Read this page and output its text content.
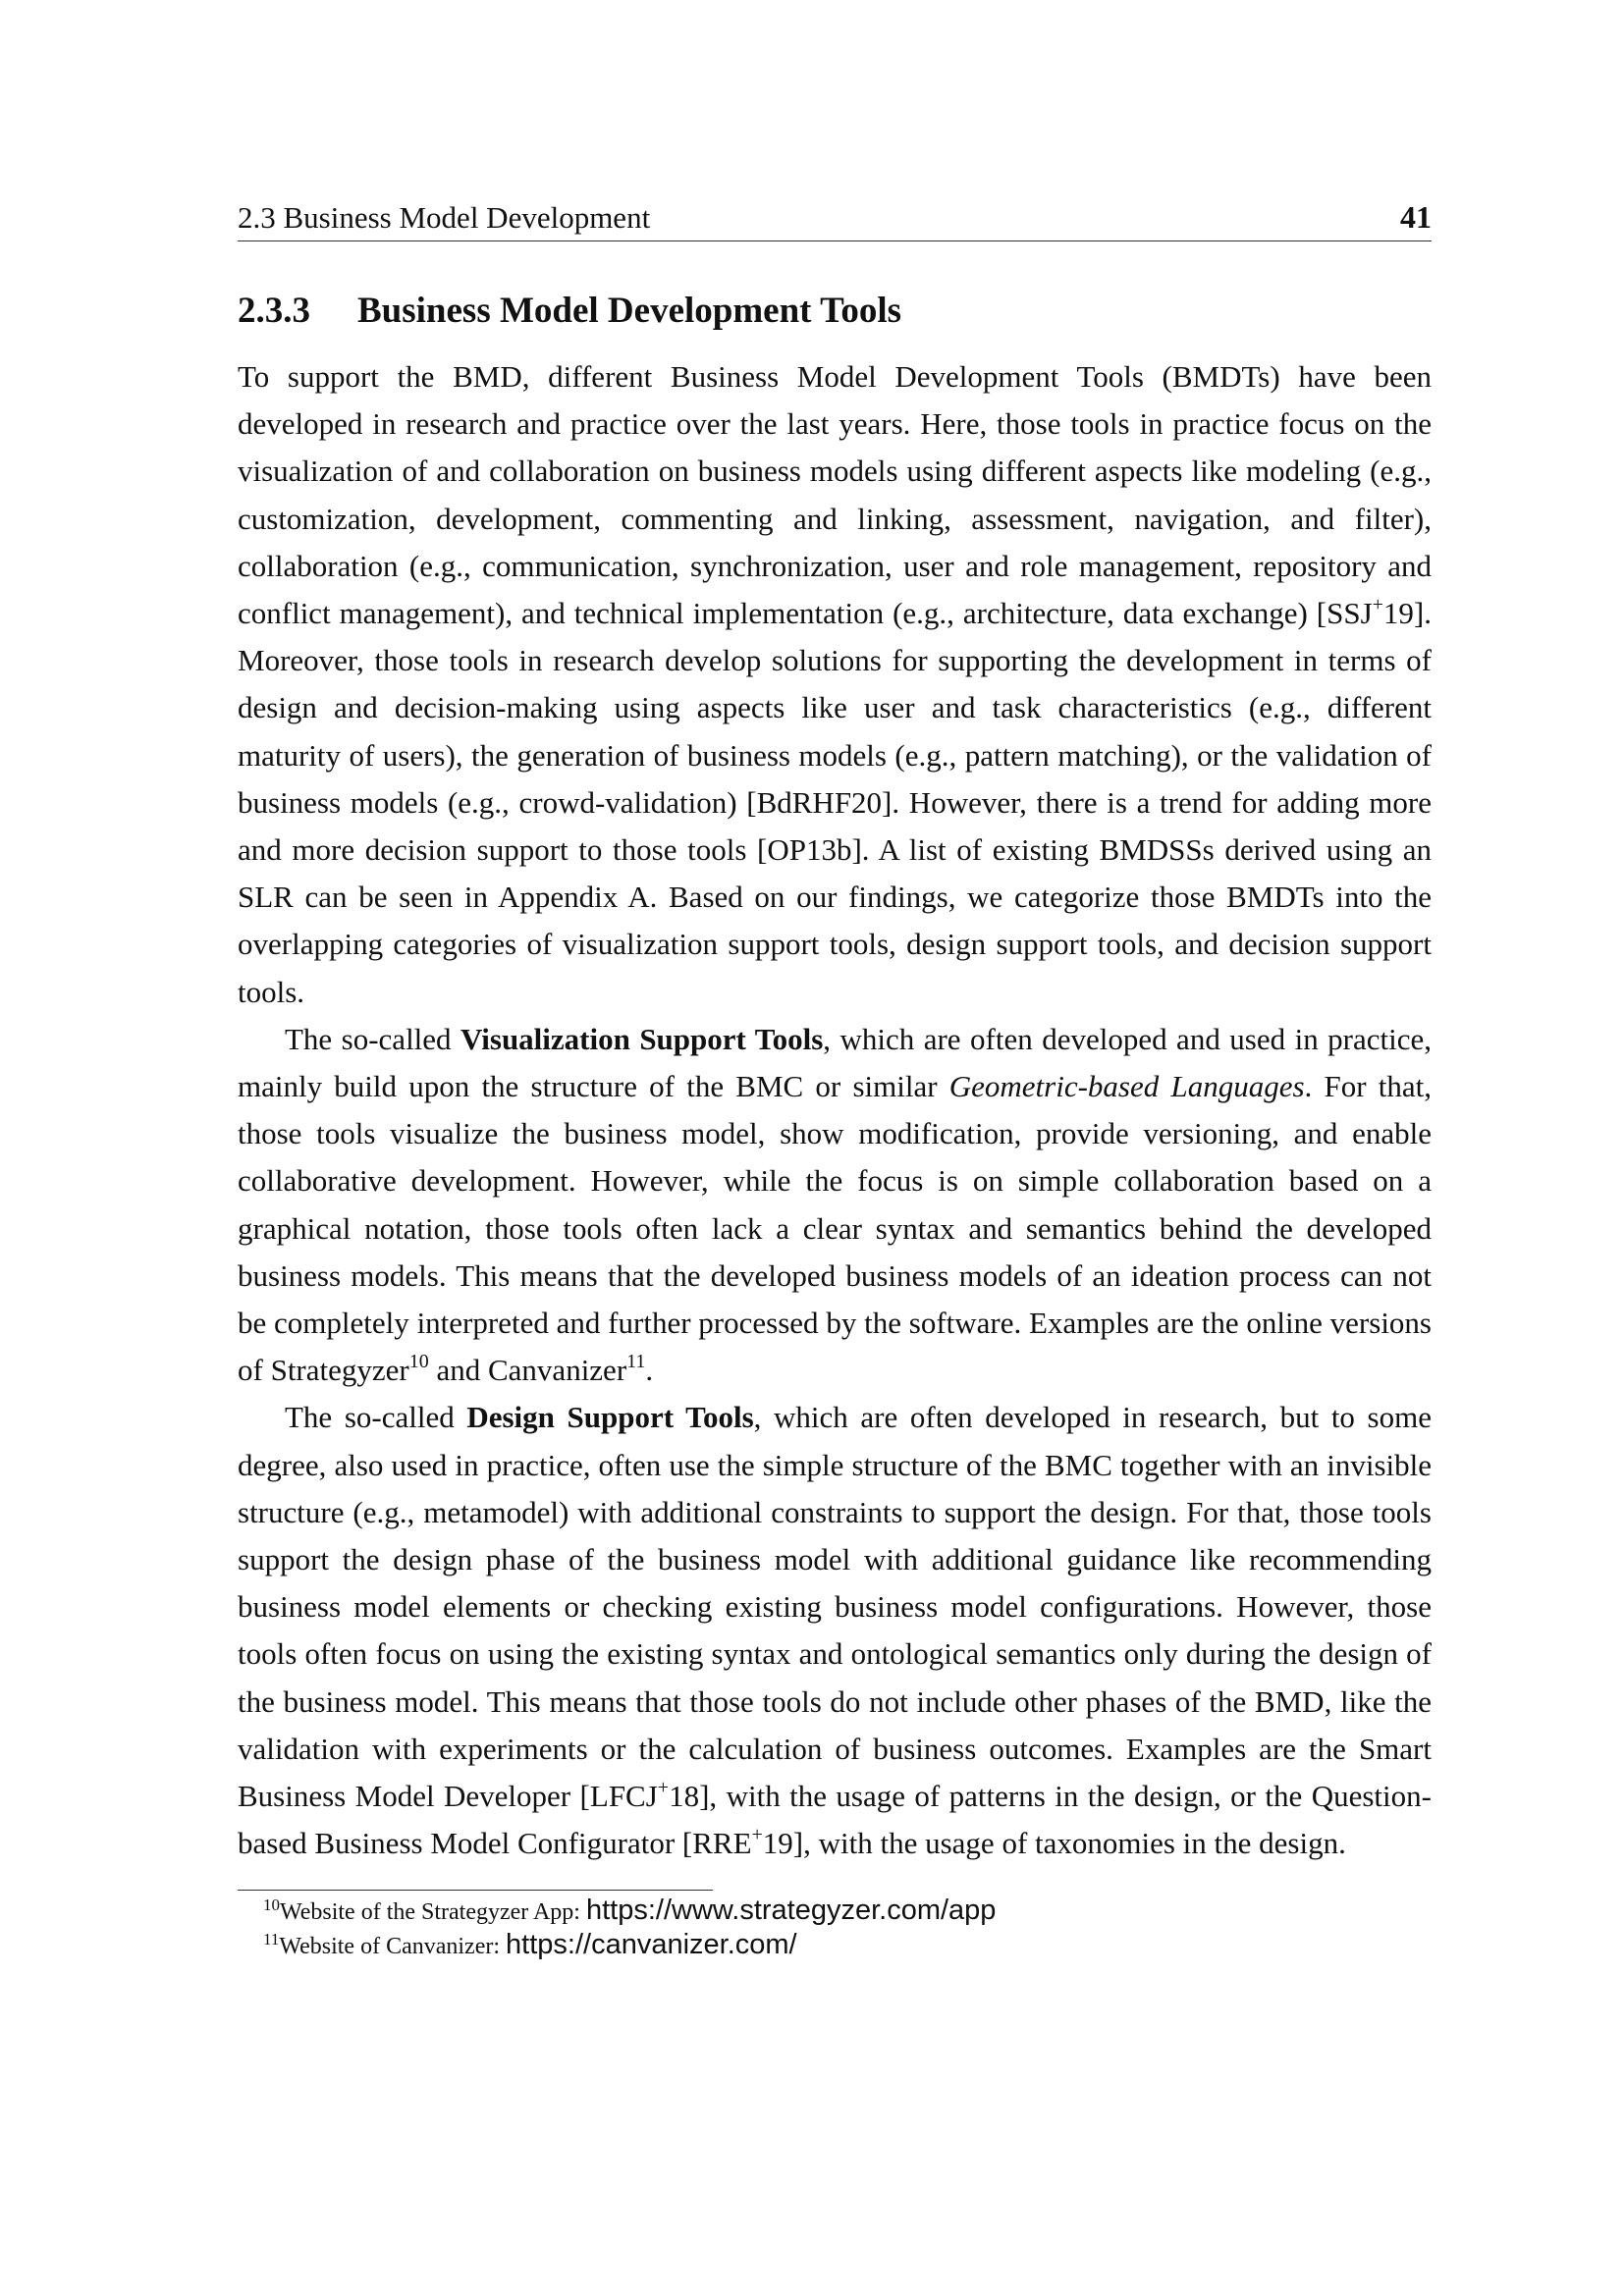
2.3 Business Model Development	41
2.3.3	Business Model Development Tools

To support the BMD, different Business Model Development Tools (BMDTs) have been developed in research and practice over the last years. Here, those tools in practice focus on the visualization of and collaboration on business models using different aspects like modeling (e.g., customization, development, commenting and linking, assessment, navigation, and filter), collaboration (e.g., communication, synchronization, user and role management, repository and conflict management), and technical implementation (e.g., architecture, data exchange) [SSJ+19]. Moreover, those tools in research develop solutions for supporting the development in terms of design and decision-making using aspects like user and task characteristics (e.g., different maturity of users), the generation of business models (e.g., pattern matching), or the validation of business models (e.g., crowd-validation) [BdRHF20]. However, there is a trend for adding more and more decision support to those tools [OP13b]. A list of existing BMDSSs derived using an SLR can be seen in Appendix A. Based on our findings, we categorize those BMDTs into the overlapping categories of visualization support tools, design support tools, and decision support tools.

The so-called Visualization Support Tools, which are often developed and used in practice, mainly build upon the structure of the BMC or similar Geometric-based Languages. For that, those tools visualize the business model, show modification, provide versioning, and enable collaborative development. However, while the focus is on simple collaboration based on a graphical notation, those tools often lack a clear syntax and semantics behind the developed business models. This means that the developed business models of an ideation process can not be completely interpreted and further processed by the software. Examples are the online versions of Strategyzer$^{10}$ and Canvanizer$^{11}$.

The so-called Design Support Tools, which are often developed in research, but to some degree, also used in practice, often use the simple structure of the BMC together with an invisible structure (e.g., metamodel) with additional constraints to support the design. For that, those tools support the design phase of the business model with additional guidance like recommending business model elements or checking existing business model configurations. However, those tools often focus on using the existing syntax and ontological semantics only during the design of the business model. This means that those tools do not include other phases of the BMD, like the validation with experiments or the calculation of business outcomes. Examples are the Smart Business Model Developer [LFCJ+18], with the usage of patterns in the design, or the Question-based Business Model Configurator [RRE+19], with the usage of taxonomies in the design.

$^{10}$Website of the Strategyzer App: https://www.strategyzer.com/app
$^{11}$Website of Canvanizer: https://canvanizer.com/
